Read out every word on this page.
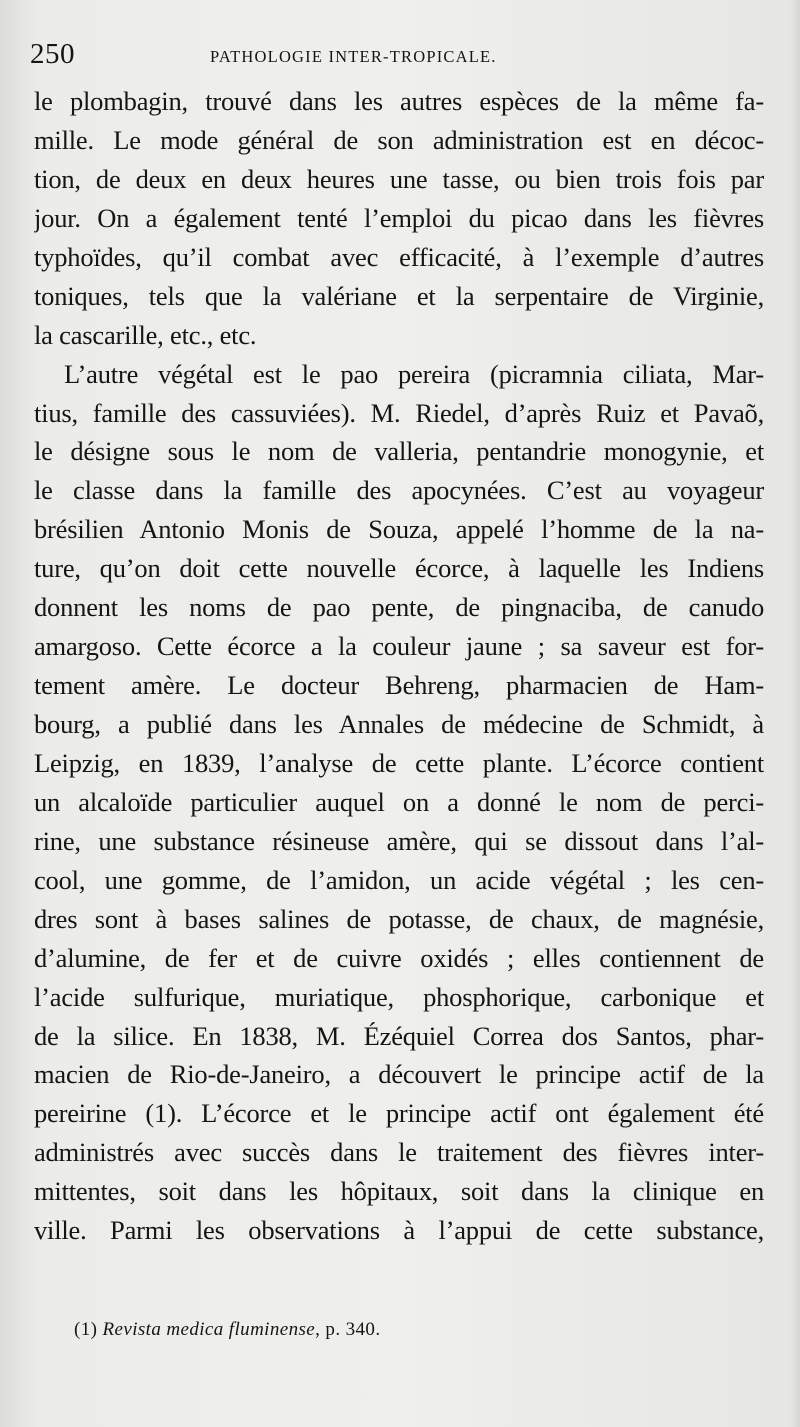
250	PATHOLOGIE INTER-TROPICALE.
le plombagin, trouvé dans les autres espèces de la même fa-
mille. Le mode général de son administration est en décoc-
tion, de deux en deux heures une tasse, ou bien trois fois par
jour. On a également tenté l’emploi du picao dans les fièvres
typhoïdes, qu’il combat avec efficacité, à l’exemple d’autres
toniques, tels que la valériane et la serpentaire de Virginie,
la cascarille, etc., etc.
L’autre végétal est le pao pereira (picramnia ciliata, Mar-
tius, famille des cassuviées). M. Riedel, d’après Ruiz et Pavaõ,
le désigne sous le nom de valleria, pentandrie monogynie, et
le classe dans la famille des apocynées. C’est au voyageur
brésilien Antonio Monis de Souza, appelé l’homme de la na-
ture, qu’on doit cette nouvelle écorce, à laquelle les Indiens
donnent les noms de pao pente, de pingnaciba, de canudo
amargoso. Cette écorce a la couleur jaune ; sa saveur est for-
tement amère. Le docteur Behreng, pharmacien de Ham-
bourg, a publié dans les Annales de médecine de Schmidt, à
Leipzig, en 1839, l’analyse de cette plante. L’écorce contient
un alcaloïde particulier auquel on a donné le nom de perci-
rine, une substance résineuse amère, qui se dissout dans l’al-
cool, une gomme, de l’amidon, un acide végétal ; les cen-
dres sont à bases salines de potasse, de chaux, de magnésie,
d’alumine, de fer et de cuivre oxidés ; elles contiennent de
l’acide sulfurique, muriatique, phosphorique, carbonique et
de la silice. En 1838, M. Ézéquiel Correa dos Santos, phar-
macien de Rio-de-Janeiro, a découvert le principe actif de la
pereirine (1). L’écorce et le principe actif ont également été
administrés avec succès dans le traitement des fièvres inter-
mittentes, soit dans les hôpitaux, soit dans la clinique en
ville. Parmi les observations à l’appui de cette substance,
(1) Revista medica fluminense, p. 340.
